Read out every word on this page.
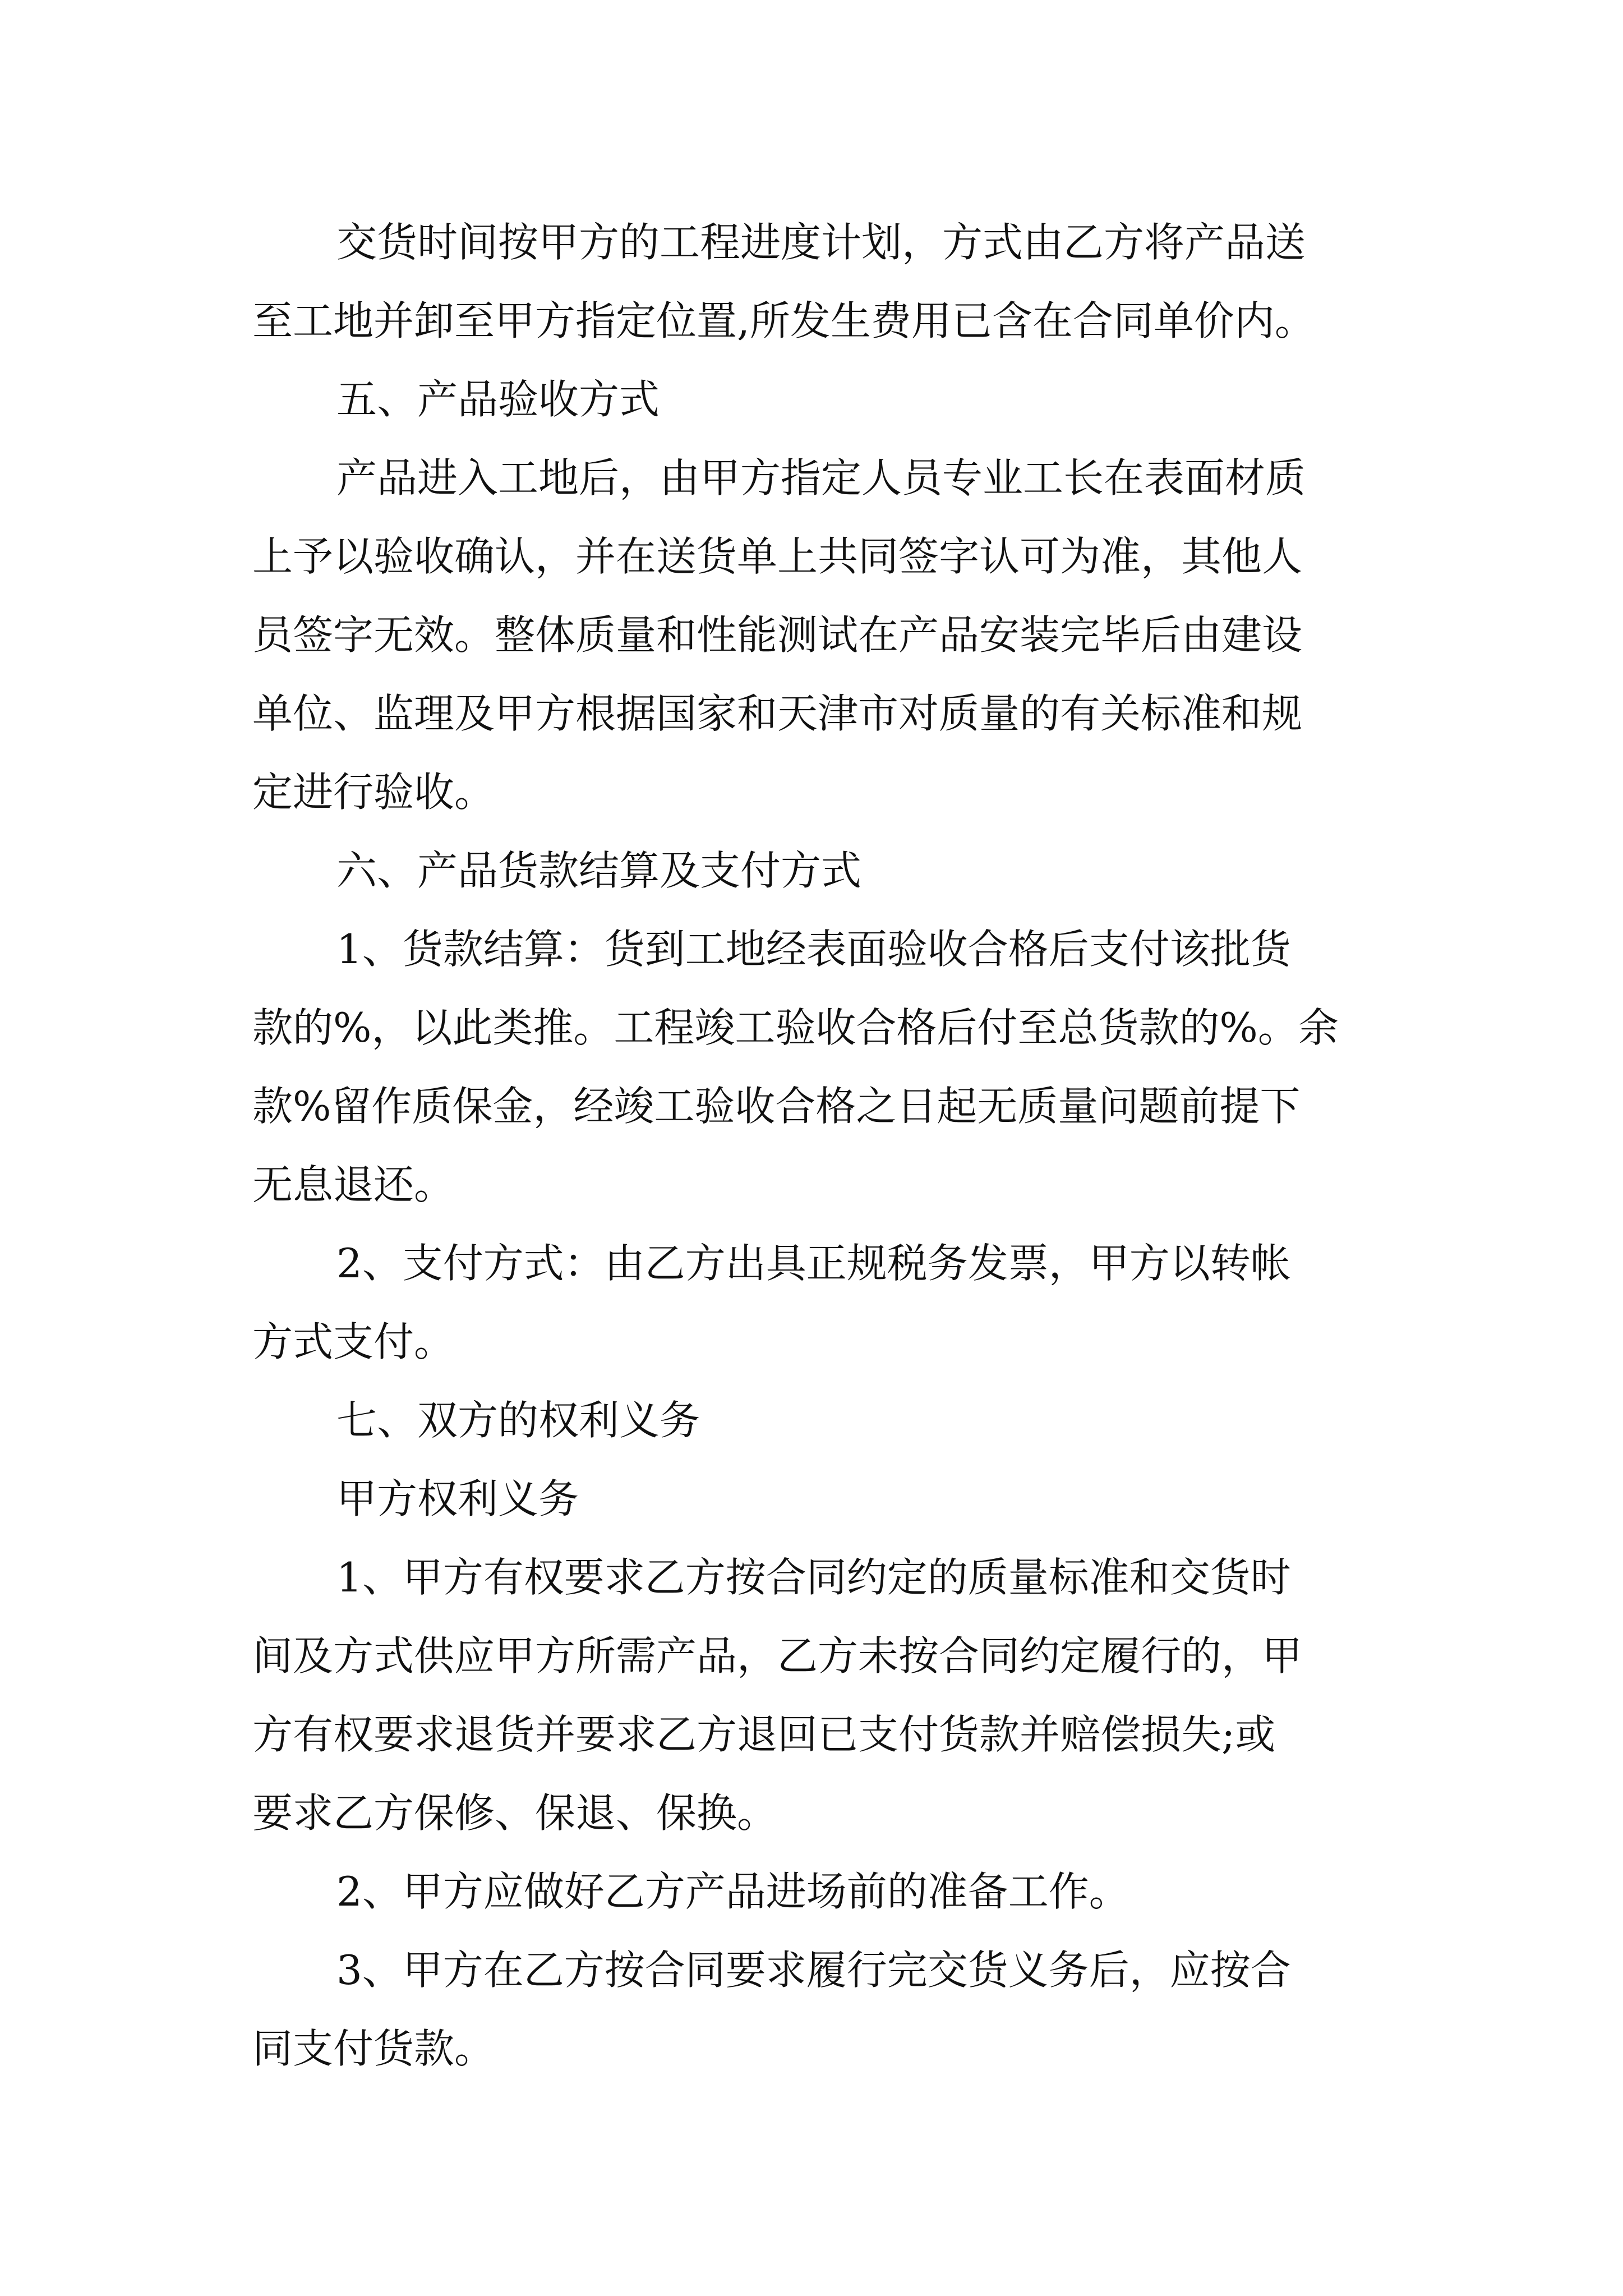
交货时间按甲方的工程进度计划，方式由乙方将产品送
至工地并卸至甲方指定位置,所发生费用已含在合同单价内。
五、产品验收方式
产品进入工地后，由甲方指定人员专业工长在表面材质
上予以验收确认，并在送货单上共同签字认可为准，其他人
员签字无效。整体质量和性能测试在产品安装完毕后由建设
单位、监理及甲方根据国家和天津市对质量的有关标准和规
定进行验收。
六、产品货款结算及支付方式
1、货款结算：货到工地经表面验收合格后支付该批货
款的%，以此类推。工程竣工验收合格后付至总货款的%。余
款%留作质保金，经竣工验收合格之日起无质量问题前提下
无息退还。
2、支付方式：由乙方出具正规税务发票，甲方以转帐
方式支付。
七、双方的权利义务
甲方权利义务
1、甲方有权要求乙方按合同约定的质量标准和交货时
间及方式供应甲方所需产品，乙方未按合同约定履行的，甲
方有权要求退货并要求乙方退回已支付货款并赔偿损失;或
要求乙方保修、保退、保换。
2、甲方应做好乙方产品进场前的准备工作。
3、甲方在乙方按合同要求履行完交货义务后，应按合
同支付货款。
